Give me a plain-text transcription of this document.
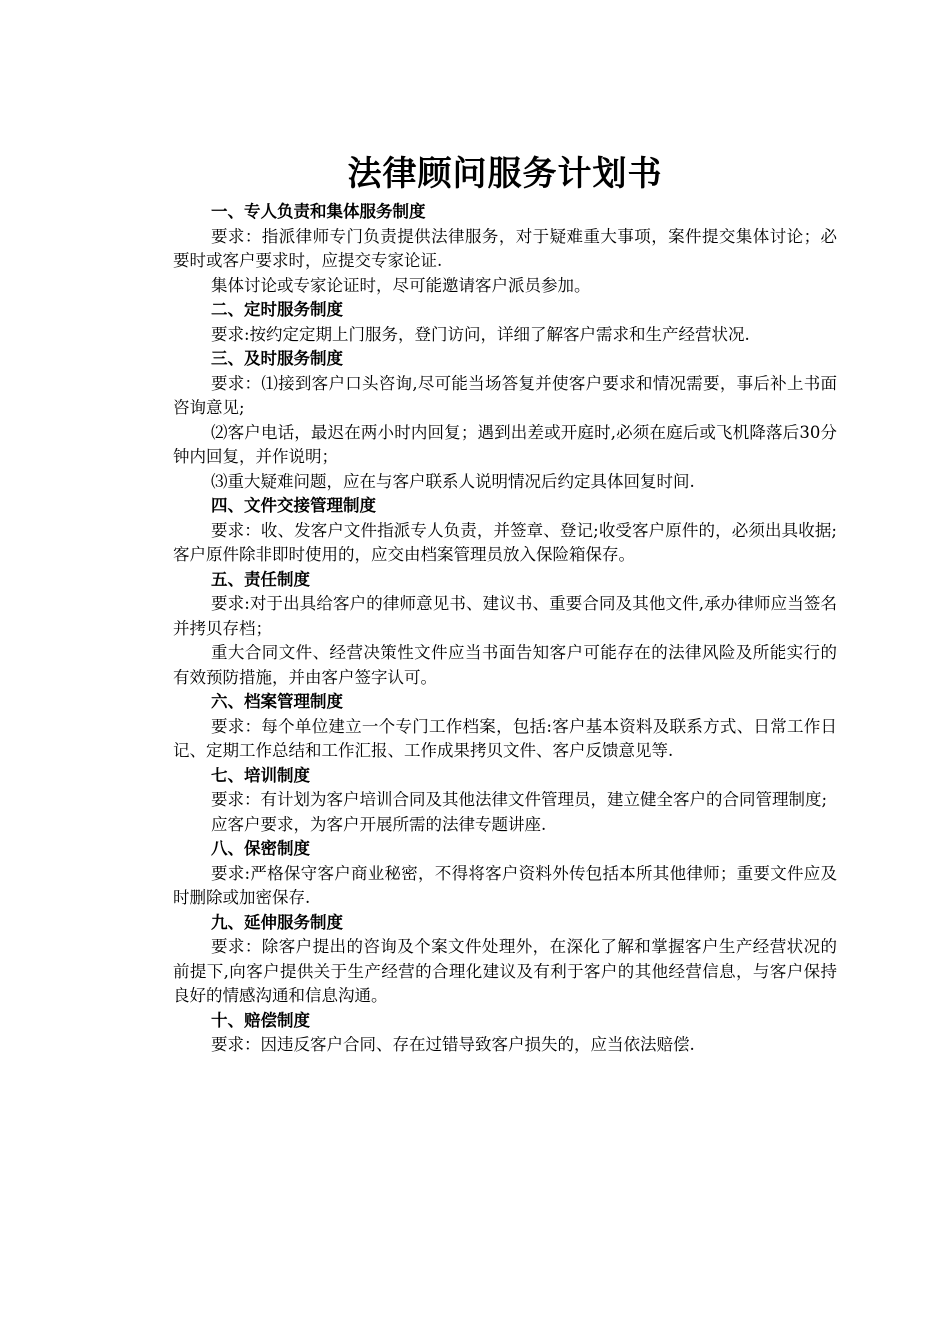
法律顾问服务计划书

一、专人负责和集体服务制度

要求：指派律师专门负责提供法律服务，对于疑难重大事项，案件提交集体讨论；必要时或客户要求时，应提交专家论证.

集体讨论或专家论证时，尽可能邀请客户派员参加。

二、定时服务制度

要求:按约定定期上门服务，登门访问，详细了解客户需求和生产经营状况.

三、及时服务制度

要求：⑴接到客户口头咨询,尽可能当场答复并使客户要求和情况需要，事后补上书面咨询意见;

⑵客户电话，最迟在两小时内回复；遇到出差或开庭时,必须在庭后或飞机降落后30分钟内回复，并作说明；

⑶重大疑难问题，应在与客户联系人说明情况后约定具体回复时间.

四、文件交接管理制度

要求：收、发客户文件指派专人负责，并签章、登记;收受客户原件的，必须出具收据;客户原件除非即时使用的，应交由档案管理员放入保险箱保存。

五、责任制度

要求:对于出具给客户的律师意见书、建议书、重要合同及其他文件,承办律师应当签名并拷贝存档；

重大合同文件、经营决策性文件应当书面告知客户可能存在的法律风险及所能实行的有效预防措施，并由客户签字认可。

六、档案管理制度

要求：每个单位建立一个专门工作档案，包括:客户基本资料及联系方式、日常工作日记、定期工作总结和工作汇报、工作成果拷贝文件、客户反馈意见等.

七、培训制度

要求：有计划为客户培训合同及其他法律文件管理员，建立健全客户的合同管理制度;

应客户要求，为客户开展所需的法律专题讲座.

八、保密制度

要求:严格保守客户商业秘密，不得将客户资料外传包括本所其他律师；重要文件应及时删除或加密保存.

九、延伸服务制度

要求：除客户提出的咨询及个案文件处理外，在深化了解和掌握客户生产经营状况的前提下,向客户提供关于生产经营的合理化建议及有利于客户的其他经营信息，与客户保持良好的情感沟通和信息沟通。

十、赔偿制度

要求：因违反客户合同、存在过错导致客户损失的，应当依法赔偿.
